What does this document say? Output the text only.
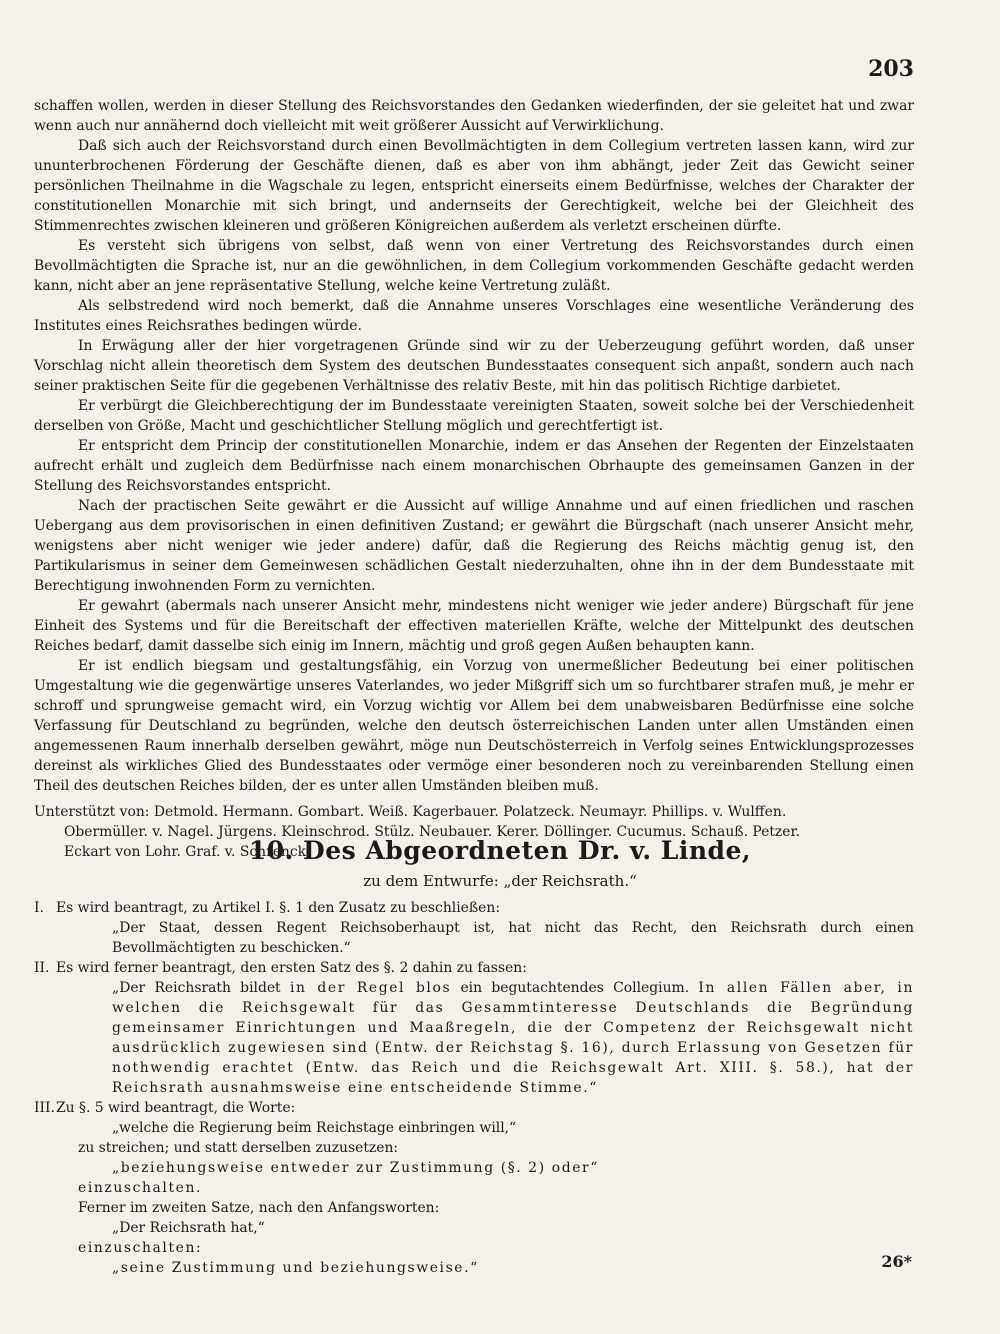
203

schaffen wollen, werden in dieser Stellung des Reichsvorstandes den Gedanken wiederfinden, der sie geleitet hat und zwar wenn auch nur annähernd doch vielleicht mit weit größerer Aussicht auf Verwirklichung.

Daß sich auch der Reichsvorstand durch einen Bevollmächtigten in dem Collegium vertreten lassen kann, wird zur ununterbrochenen Förderung der Geschäfte dienen, daß es aber von ihm abhängt, jeder Zeit das Gewicht seiner persönlichen Theilnahme in die Wagschale zu legen, entspricht einerseits einem Bedürfnisse, welches der Charakter der constitutionellen Monarchie mit sich bringt, und andernseits der Gerechtigkeit, welche bei der Gleichheit des Stimmenrechtes zwischen kleineren und größeren Königreichen außerdem als verletzt erscheinen dürfte.

Es versteht sich übrigens von selbst, daß wenn von einer Vertretung des Reichsvorstandes durch einen Bevollmächtigten die Sprache ist, nur an die gewöhnlichen, in dem Collegium vorkommenden Geschäfte gedacht werden kann, nicht aber an jene repräsentative Stellung, welche keine Vertretung zuläßt.

Als selbstredend wird noch bemerkt, daß die Annahme unseres Vorschlages eine wesentliche Veränderung des Institutes eines Reichsrathes bedingen würde.

In Erwägung aller der hier vorgetragenen Gründe sind wir zu der Ueberzeugung geführt worden, daß unser Vorschlag nicht allein theoretisch dem System des deutschen Bundesstaates consequent sich anpaßt, sondern auch nach seiner praktischen Seite für die gegebenen Verhältnisse des relativ Beste, mit hin das politisch Richtige darbietet.

Er verbürgt die Gleichberechtigung der im Bundesstaate vereinigten Staaten, soweit solche bei der Verschiedenheit derselben von Größe, Macht und geschichtlicher Stellung möglich und gerechtfertigt ist.

Er entspricht dem Princip der constitutionellen Monarchie, indem er das Ansehen der Regenten der Einzelstaaten aufrecht erhält und zugleich dem Bedürfnisse nach einem monarchischen Obrhaupte des gemeinsamen Ganzen in der Stellung des Reichsvorstandes entspricht.

Nach der practischen Seite gewährt er die Aussicht auf willige Annahme und auf einen friedlichen und raschen Uebergang aus dem provisorischen in einen definitiven Zustand; er gewährt die Bürgschaft (nach unserer Ansicht mehr, wenigstens aber nicht weniger wie jeder andere) dafür, daß die Regierung des Reichs mächtig genug ist, den Partikularismus in seiner dem Gemeinwesen schädlichen Gestalt niederzuhalten, ohne ihn in der dem Bundesstaate mit Berechtigung inwohnenden Form zu vernichten.

Er gewahrt (abermals nach unserer Ansicht mehr, mindestens nicht weniger wie jeder andere) Bürgschaft für jene Einheit des Systems und für die Bereitschaft der effectiven materiellen Kräfte, welche der Mittelpunkt des deutschen Reiches bedarf, damit dasselbe sich einig im Innern, mächtig und groß gegen Außen behaupten kann.

Er ist endlich biegsam und gestaltungsfähig, ein Vorzug von unermeßlicher Bedeutung bei einer politischen Umgestaltung wie die gegenwärtige unseres Vaterlandes, wo jeder Mißgriff sich um so furchtbarer strafen muß, je mehr er schroff und sprungweise gemacht wird, ein Vorzug wichtig vor Allem bei dem unabweisbaren Bedürfnisse eine solche Verfassung für Deutschland zu begründen, welche den deutsch österreichischen Landen unter allen Umständen einen angemessenen Raum innerhalb derselben gewährt, möge nun Deutschösterreich in Verfolg seines Entwicklungsprozesses dereinst als wirkliches Glied des Bundesstaates oder vermöge einer besonderen noch zu vereinbarenden Stellung einen Theil des deutschen Reiches bilden, der es unter allen Umständen bleiben muß.

Unterstützt von: Detmold. Hermann. Gombart. Weiß. Kagerbauer. Polatzeck. Neumayr. Phillips. v. Wulffen.

Obermüller. v. Nagel. Jürgens. Kleinschrod. Stülz. Neubauer. Kerer. Döllinger. Cucumus. Schauß. Petzer.

Eckart von Lohr. Graf. v. Schrenck.

10. Des Abgeordneten Dr. v. Linde,
zu dem Entwurfe: „der Reichsrath.“
I. Es wird beantragt, zu Artikel I. §. 1 den Zusatz zu beschließen:
„Der Staat, dessen Regent Reichsoberhaupt ist, hat nicht das Recht, den Reichsrath durch einen Bevollmächtigten zu beschicken.“
II. Es wird ferner beantragt, den ersten Satz des §. 2 dahin zu fassen:
„Der Reichsrath bildet in der Regel blos ein begutachtendes Collegium. In allen Fällen aber, in welchen die Reichsgewalt für das Gesammtinteresse Deutschlands die Begründung gemeinsamer Einrichtungen und Maaßregeln, die der Competenz der Reichsgewalt nicht ausdrücklich zugewiesen sind (Entw. der Reichstag §. 16), durch Erlassung von Gesetzen für nothwendig erachtet (Entw. das Reich und die Reichsgewalt Art. XIII. §. 58.), hat der Reichsrath ausnahmsweise eine entscheidende Stimme.“
III. Zu §. 5 wird beantragt, die Worte:
„welche die Regierung beim Reichstage einbringen will,“
zu streichen; und statt derselben zuzusetzen:
„beziehungsweise entweder zur Zustimmung (§. 2) oder“
einzuschalten.
Ferner im zweiten Satze, nach den Anfangsworten:
„Der Reichsrath hat,“
einzuschalten:
„seine Zustimmung und beziehungsweise.“	26*
